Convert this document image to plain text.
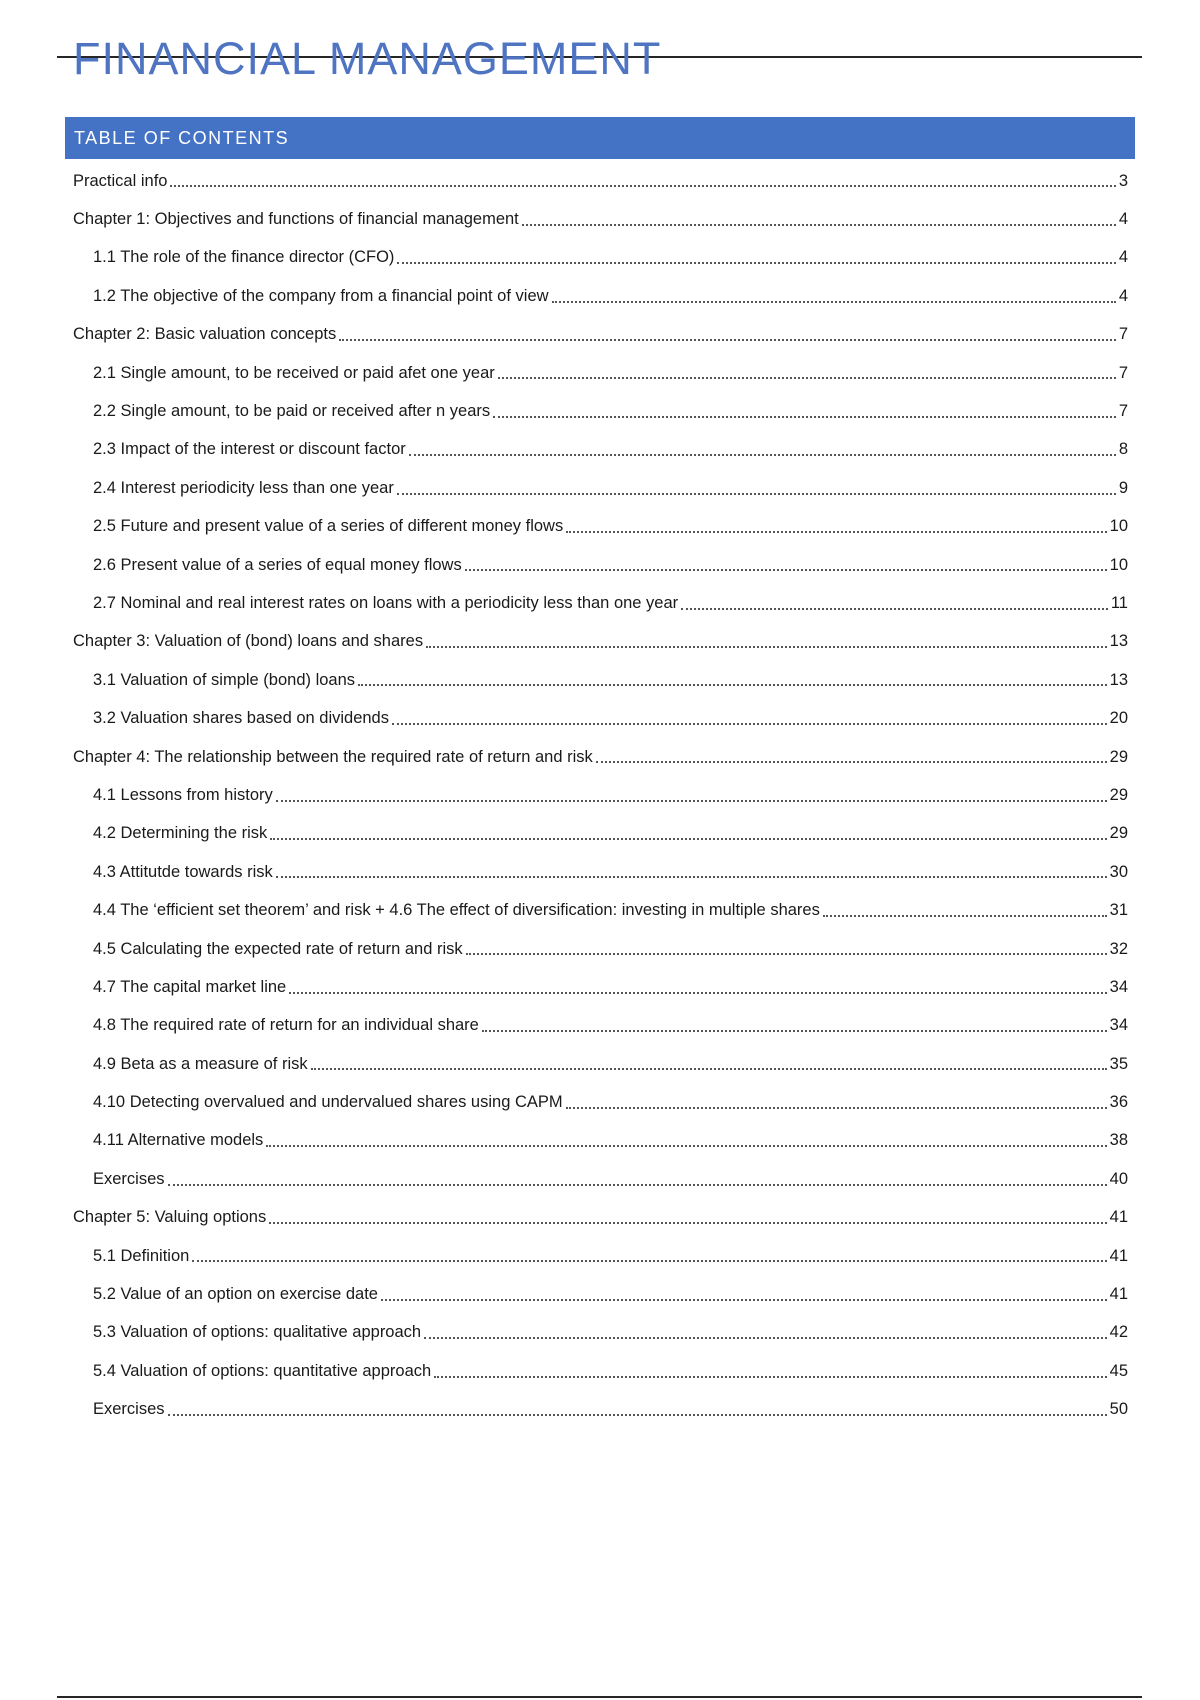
FINANCIAL MANAGEMENT
TABLE OF CONTENTS
Practical info	3
Chapter 1: Objectives and functions of financial management	4
1.1 The role of the finance director (CFO)	4
1.2 The objective of the company from a financial point of view	4
Chapter 2: Basic valuation concepts	7
2.1 Single amount, to be received or paid afet one year	7
2.2 Single amount, to be paid or received after n years	7
2.3 Impact of the interest or discount factor	8
2.4 Interest periodicity less than one year	9
2.5 Future and present value of a series of different money flows	10
2.6 Present value of a series of equal money flows	10
2.7 Nominal and real interest rates on loans with a periodicity less than one year	11
Chapter 3: Valuation of (bond) loans and shares	13
3.1 Valuation of simple (bond) loans	13
3.2 Valuation shares based on dividends	20
Chapter 4: The relationship between the required rate of return and risk	29
4.1 Lessons from history	29
4.2 Determining the risk	29
4.3 Attitutde towards risk	30
4.4 The ‘efficient set theorem’ and risk + 4.6 The effect of diversification: investing in multiple shares	31
4.5 Calculating the expected rate of return and risk	32
4.7 The capital market line	34
4.8 The required rate of return for an individual share	34
4.9 Beta as a measure of risk	35
4.10 Detecting overvalued and undervalued shares using CAPM	36
4.11 Alternative models	38
Exercises	40
Chapter 5: Valuing options	41
5.1 Definition	41
5.2 Value of an option on exercise date	41
5.3 Valuation of options: qualitative approach	42
5.4 Valuation of options: quantitative approach	45
Exercises	50
